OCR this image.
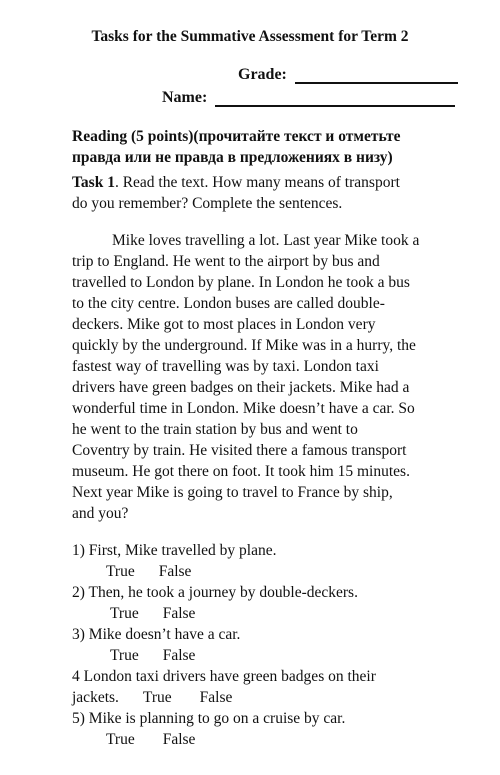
Tasks for the Summative Assessment for Term 2

Grade:
Name:

Reading (5 points)(прочитайте текст и отметьте
правда или не правда в предложениях в низу)

Task 1. Read the text. How many means of transport
do you remember? Complete the sentences.

Mike loves travelling a lot. Last year Mike took a
trip to England. He went to the airport by bus and
travelled to London by plane. In London he took a bus
to the city centre. London buses are called double-
deckers. Mike got to most places in London very
quickly by the underground. If Mike was in a hurry, the
fastest way of travelling was by taxi. London taxi
drivers have green badges on their jackets. Mike had a
wonderful time in London. Mike doesn’t have a car. So
he went to the train station by bus and went to
Coventry by train. He visited there a famous transport
museum. He got there on foot. It took him 15 minutes.
Next year Mike is going to travel to France by ship,
and you?

1) First, Mike travelled by plane.
True False
2) Then, he took a journey by double-deckers.
True False
3) Mike doesn’t have a car.
True False
4 London taxi drivers have green badges on their
jackets. True False
5) Mike is planning to go on a cruise by car.
True False
